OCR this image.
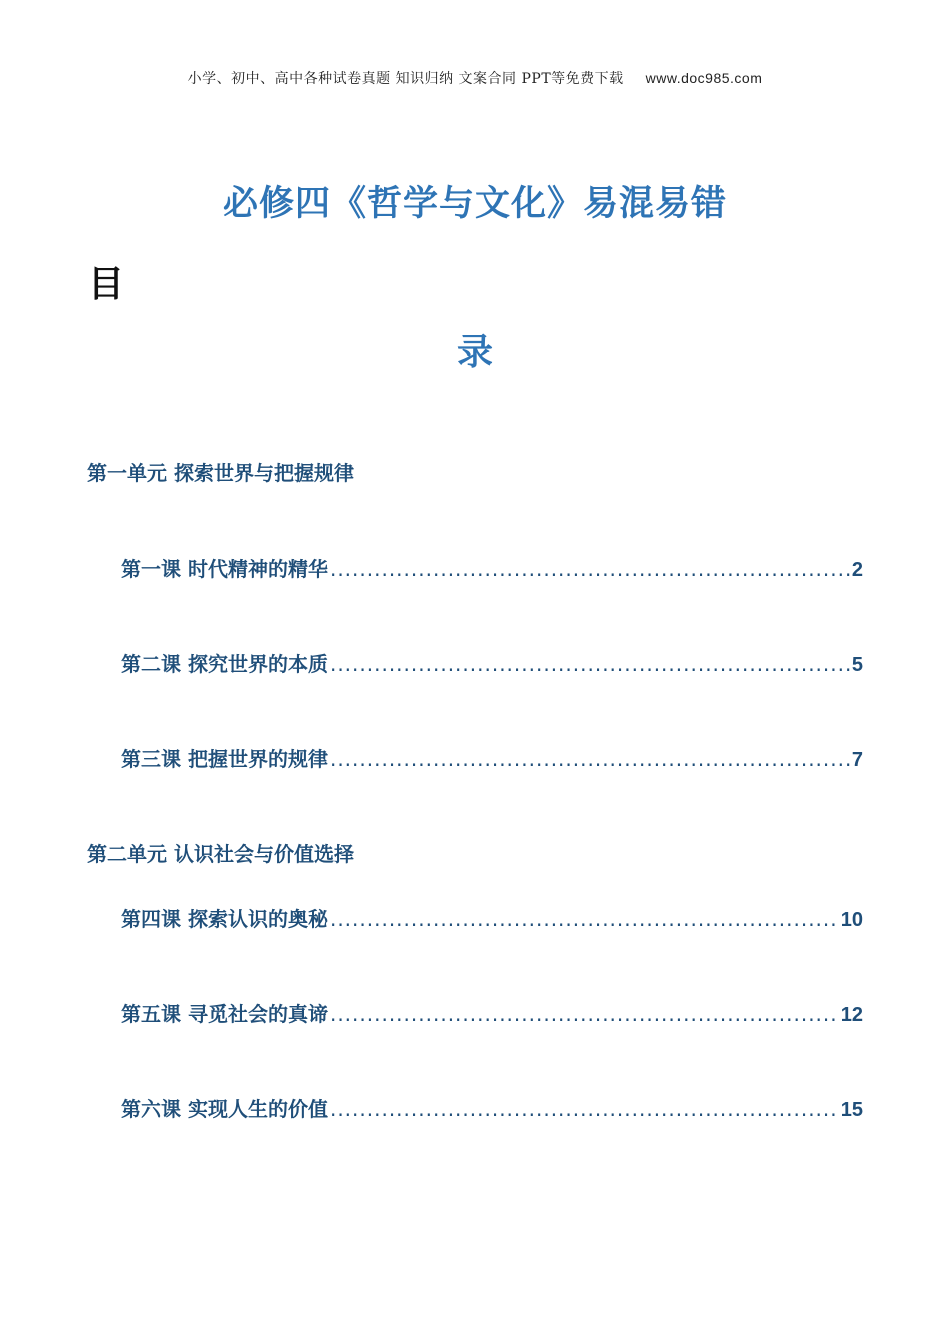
小学、初中、高中各种试卷真题 知识归纳 文案合同 PPT等免费下载 www.doc985.com
必修四《哲学与文化》易混易错
目
录
第一单元 探索世界与把握规律
第一课 时代精神的精华 .....	2
第二课 探究世界的本质 .....	5
第三课 把握世界的规律 .....	7
第二单元 认识社会与价值选择
第四课 探索认识的奥秘 .....	10
第五课 寻觅社会的真谛 .....	12
第六课 实现人生的价值 .....	15
